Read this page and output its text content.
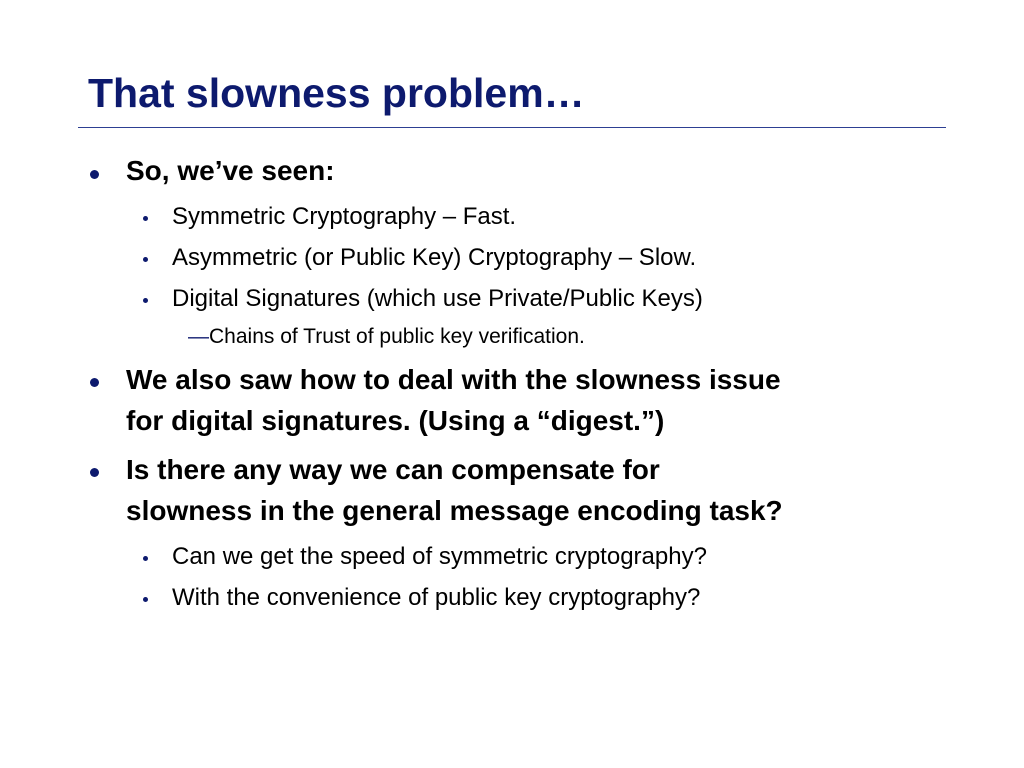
That slowness problem…
So, we’ve seen:
Symmetric Cryptography – Fast.
Asymmetric (or Public Key) Cryptography – Slow.
Digital Signatures (which use Private/Public Keys)
—Chains of Trust of public key verification.
We also saw how to deal with the slowness issue
for digital signatures. (Using a “digest.”)
Is there any way we can compensate for
slowness in the general message encoding task?
Can we get the speed of symmetric cryptography?
With the convenience of public key cryptography?
